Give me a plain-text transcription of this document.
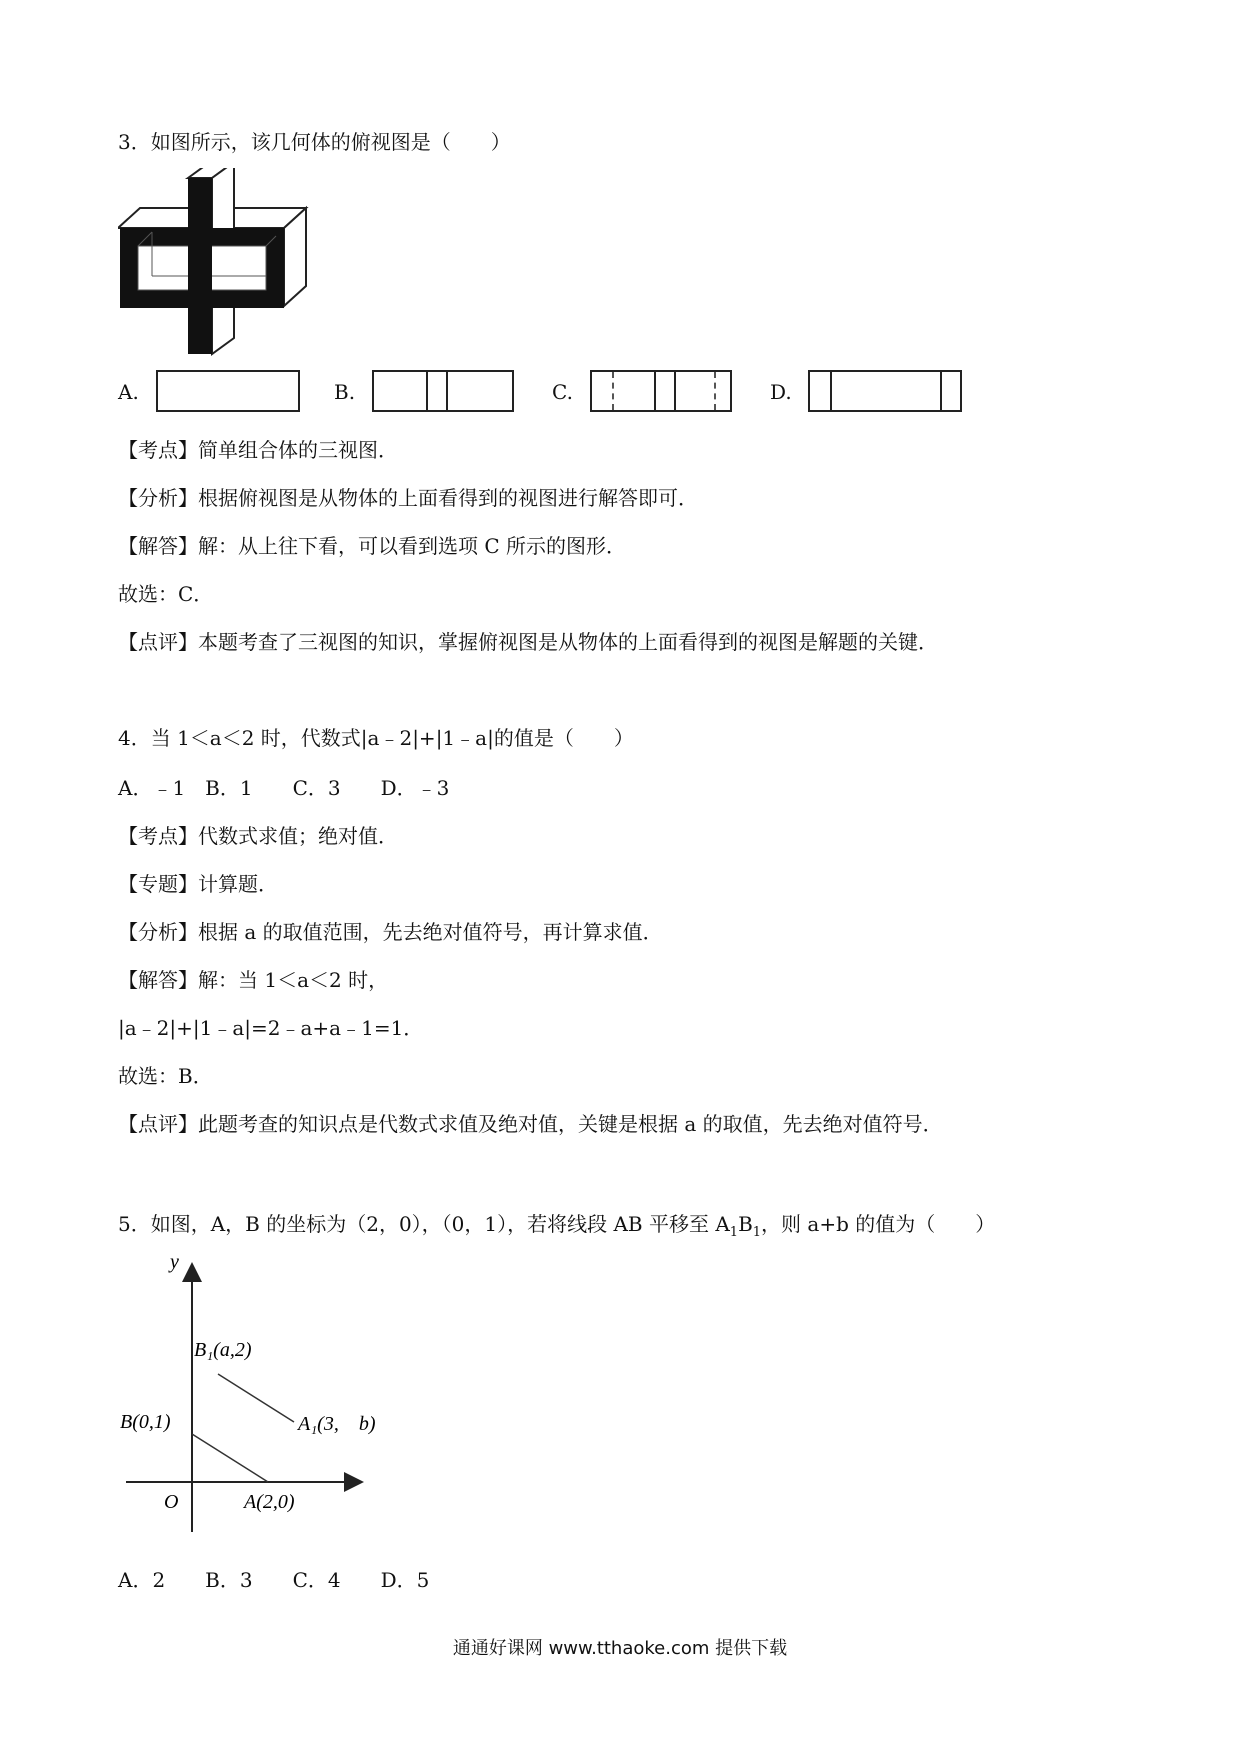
3．如图所示，该几何体的俯视图是（　　）
A.	B.	C.	D.
【考点】简单组合体的三视图．
【分析】根据俯视图是从物体的上面看得到的视图进行解答即可．
【解答】解：从上往下看，可以看到选项 C 所示的图形．
故选：C．
【点评】本题考查了三视图的知识，掌握俯视图是从物体的上面看得到的视图是解题的关键．
4．当 1＜a＜2 时，代数式|a﹣2|+|1﹣a|的值是（　　）
A．﹣1　B．1　　C．3　　D．﹣3
【考点】代数式求值；绝对值．
【专题】计算题．
【分析】根据 a 的取值范围，先去绝对值符号，再计算求值．
【解答】解：当 1＜a＜2 时，
|a﹣2|+|1﹣a|=2﹣a+a﹣1=1．
故选：B．
【点评】此题考查的知识点是代数式求值及绝对值，关键是根据 a 的取值，先去绝对值符号．
5．如图，A，B 的坐标为（2，0），（0，1），若将线段 AB 平移至 $A_1B_1$，则 a+b 的值为（　　）
y
O
B(0,1)
A(2,0)
B₁(a,2)
A₁(3,　b)
A．2　　B．3　　C．4　　D．5
通通好课网 www.tthaoke.com 提供下载
